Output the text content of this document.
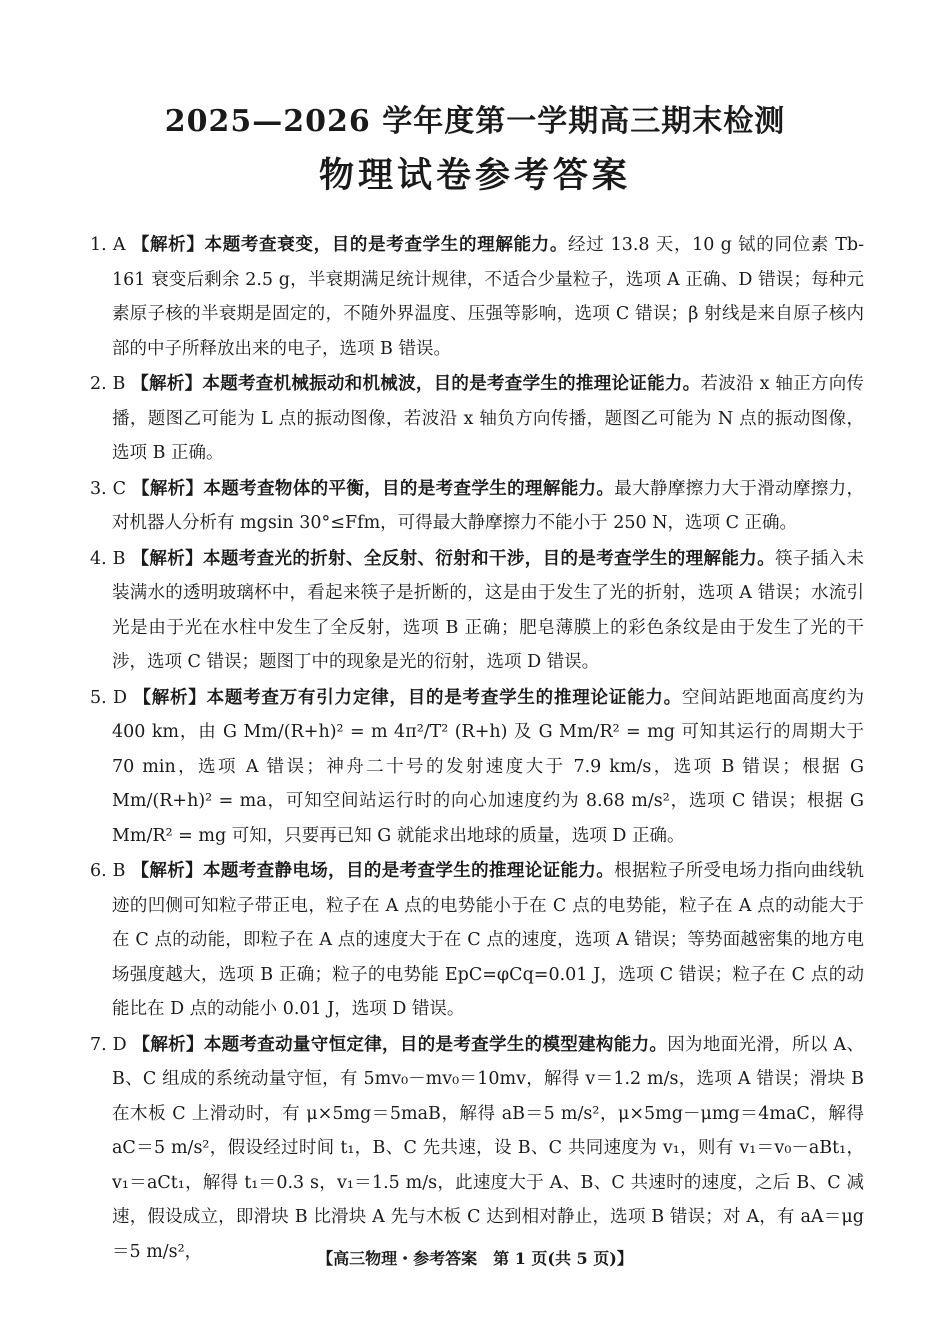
2025—2026 学年度第一学期高三期末检测
物理试卷参考答案
1. A 【解析】本题考查衰变，目的是考查学生的理解能力。经过 13.8 天，10 g 铽的同位素 Tb-161 衰变后剩余 2.5 g，半衰期满足统计规律，不适合少量粒子，选项 A 正确、D 错误；每种元素原子核的半衰期是固定的，不随外界温度、压强等影响，选项 C 错误；β 射线是来自原子核内部的中子所释放出来的电子，选项 B 错误。
2. B 【解析】本题考查机械振动和机械波，目的是考查学生的推理论证能力。若波沿 x 轴正方向传播，题图乙可能为 L 点的振动图像，若波沿 x 轴负方向传播，题图乙可能为 N 点的振动图像，选项 B 正确。
3. C 【解析】本题考查物体的平衡，目的是考查学生的理解能力。最大静摩擦力大于滑动摩擦力，对机器人分析有 mgsin 30°≤Ffm，可得最大静摩擦力不能小于 250 N，选项 C 正确。
4. B 【解析】本题考查光的折射、全反射、衍射和干涉，目的是考查学生的理解能力。筷子插入未装满水的透明玻璃杯中，看起来筷子是折断的，这是由于发生了光的折射，选项 A 错误；水流引光是由于光在水柱中发生了全反射，选项 B 正确；肥皂薄膜上的彩色条纹是由于发生了光的干涉，选项 C 错误；题图丁中的现象是光的衍射，选项 D 错误。
5. D 【解析】本题考查万有引力定律，目的是考查学生的推理论证能力。空间站距地面高度约为 400 km，由 G Mm/(R+h)² = m 4π²/T² (R+h) 及 G Mm/R² = mg 可知其运行的周期大于 70 min，选项 A 错误；神舟二十号的发射速度大于 7.9 km/s，选项 B 错误；根据 G Mm/(R+h)² = ma，可知空间站运行时的向心加速度约为 8.68 m/s²，选项 C 错误；根据 G Mm/R² = mg 可知，只要再已知 G 就能求出地球的质量，选项 D 正确。
6. B 【解析】本题考查静电场，目的是考查学生的推理论证能力。根据粒子所受电场力指向曲线轨迹的凹侧可知粒子带正电，粒子在 A 点的电势能小于在 C 点的电势能，粒子在 A 点的动能大于在 C 点的动能，即粒子在 A 点的速度大于在 C 点的速度，选项 A 错误；等势面越密集的地方电场强度越大，选项 B 正确；粒子的电势能 EpC=φCq=0.01 J，选项 C 错误；粒子在 C 点的动能比在 D 点的动能小 0.01 J，选项 D 错误。
7. D 【解析】本题考查动量守恒定律，目的是考查学生的模型建构能力。因为地面光滑，所以 A、B、C 组成的系统动量守恒，有 5mv₀－mv₀＝10mv，解得 v＝1.2 m/s，选项 A 错误；滑块 B 在木板 C 上滑动时，有 μ×5mg＝5maB，解得 aB＝5 m/s²，μ×5mg－μmg＝4maC，解得 aC＝5 m/s²，假设经过时间 t₁，B、C 先共速，设 B、C 共同速度为 v₁，则有 v₁＝v₀－aBt₁，v₁＝aCt₁，解得 t₁＝0.3 s，v₁＝1.5 m/s，此速度大于 A、B、C 共速时的速度，之后 B、C 减速，假设成立，即滑块 B 比滑块 A 先与木板 C 达到相对静止，选项 B 错误；对 A，有 aA＝μg＝5 m/s²，	【高三物理・参考答案　第 1 页(共 5 页)】
